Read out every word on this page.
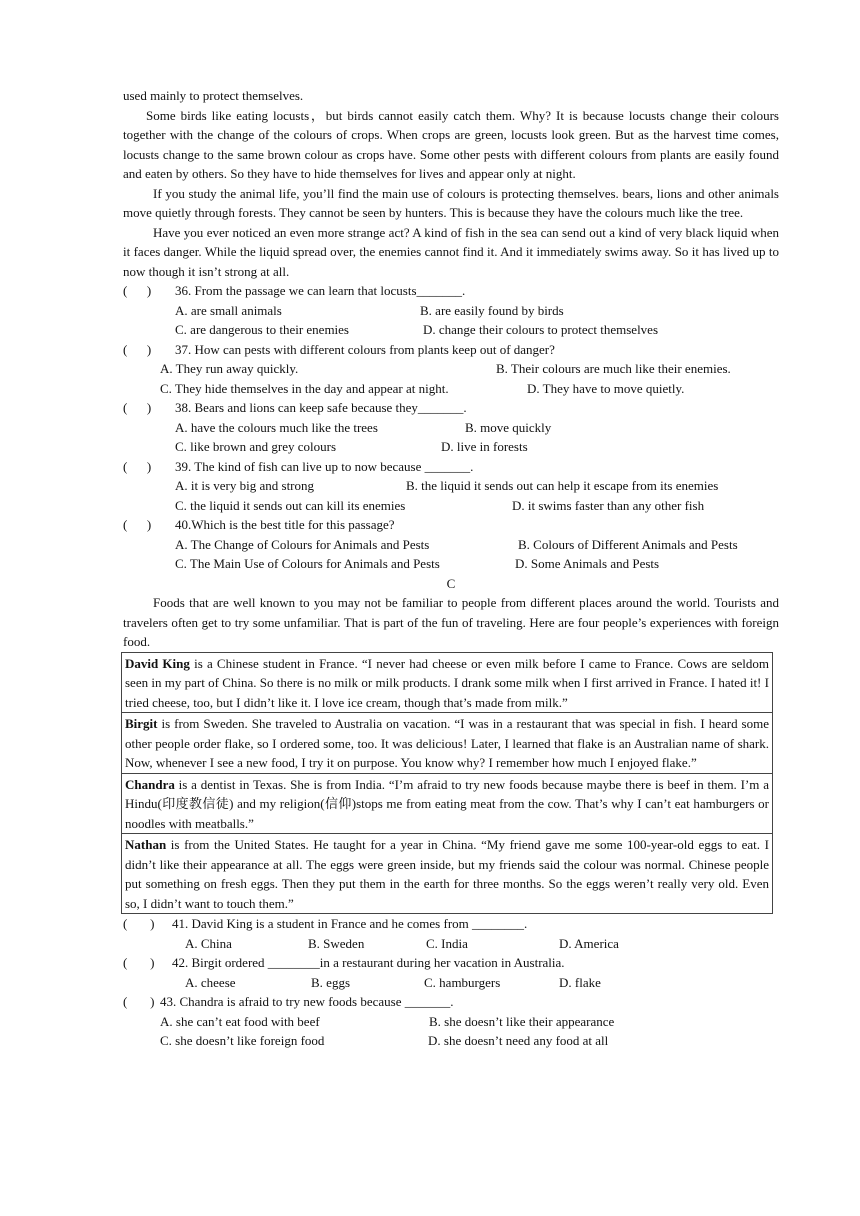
used mainly to protect themselves.

Some birds like eating locusts，but birds cannot easily catch them. Why? It is because locusts change their colours together with the change of the colours of crops. When crops are green, locusts look green. But as the harvest time comes, locusts change to the same brown colour as crops have. Some other pests with different colours from plants are easily found and eaten by others. So they have to hide themselves for lives and appear only at night.

If you study the animal life, you’ll find the main use of colours is protecting themselves. bears, lions and other animals move quietly through forests. They cannot be seen by hunters. This is because they have the colours much like the tree.

Have you ever noticed an even more strange act? A kind of fish in the sea can send out a kind of very black liquid when it faces danger. While the liquid spread over, the enemies cannot find it. And it immediately swims away. So it has lived up to now though it isn’t strong at all.

(      )	36. From the passage we can learn that locusts_______.
A. are small animals	B. are easily found by birds
C. are dangerous to their enemies	D. change their colours to protect themselves
(      )	37. How can pests with different colours from plants keep out of danger?
A. They run away quickly.	B. Their colours are much like their enemies.
C. They hide themselves in the day and appear at night.	D. They have to move quietly.
(      )	38. Bears and lions can keep safe because they_______.
A. have the colours much like the trees	B. move quickly
C. like brown and grey colours	D. live in forests
(      )	39. The kind of fish can live up to now because _______.
A. it is very big and strong	B. the liquid it sends out can help it escape from its enemies
C. the liquid it sends out can kill its enemies	D. it swims faster than any other fish
(      )	40.Which is the best title for this passage?
A. The Change of Colours for Animals and Pests	B. Colours of Different Animals and Pests
C. The Main Use of Colours for Animals and Pests	D. Some Animals and Pests
C

Foods that are well known to you may not be familiar to people from different places around the world. Tourists and travelers often get to try some unfamiliar. That is part of the fun of traveling. Here are four people’s experiences with foreign food.

David King is a Chinese student in France. “I never had cheese or even milk before I came to France. Cows are seldom seen in my part of China. So there is no milk or milk products. I drank some milk when I first arrived in France. I hated it! I tried cheese, too, but I didn’t like it. I love ice cream, though that’s made from milk.”
Birgit is from Sweden. She traveled to Australia on vacation. “I was in a restaurant that was special in fish. I heard some other people order flake, so I ordered some, too. It was delicious! Later, I learned that flake is an Australian name of shark. Now, whenever I see a new food, I try it on purpose. You know why? I remember how much I enjoyed flake.”
Chandra is a dentist in Texas. She is from India. “I’m afraid to try new foods because maybe there is beef in them. I’m a Hindu(印度教信徒) and my religion(信仰)stops me from eating meat from the cow. That’s why I can’t eat hamburgers or noodles with meatballs.”
Nathan is from the United States. He taught for a year in China. “My friend gave me some 100-year-old eggs to eat. I didn’t like their appearance at all. The eggs were green inside, but my friends said the colour was normal. Chinese people put something on fresh eggs. Then they put them in the earth for three months. So the eggs weren’t really very old. Even so, I didn’t want to touch them.”
(       )	41. David King is a student in France and he comes from ________.
A. China	B. Sweden	C. India	D. America
(       )	42. Birgit ordered ________in a restaurant during her vacation in Australia.
A. cheese	B. eggs	C. hamburgers	D. flake
(       ) 43. Chandra is afraid to try new foods because _______.
A. she can’t eat food with beef	B. she doesn’t like their appearance
C. she doesn’t like foreign food	D. she doesn’t need any food at all
